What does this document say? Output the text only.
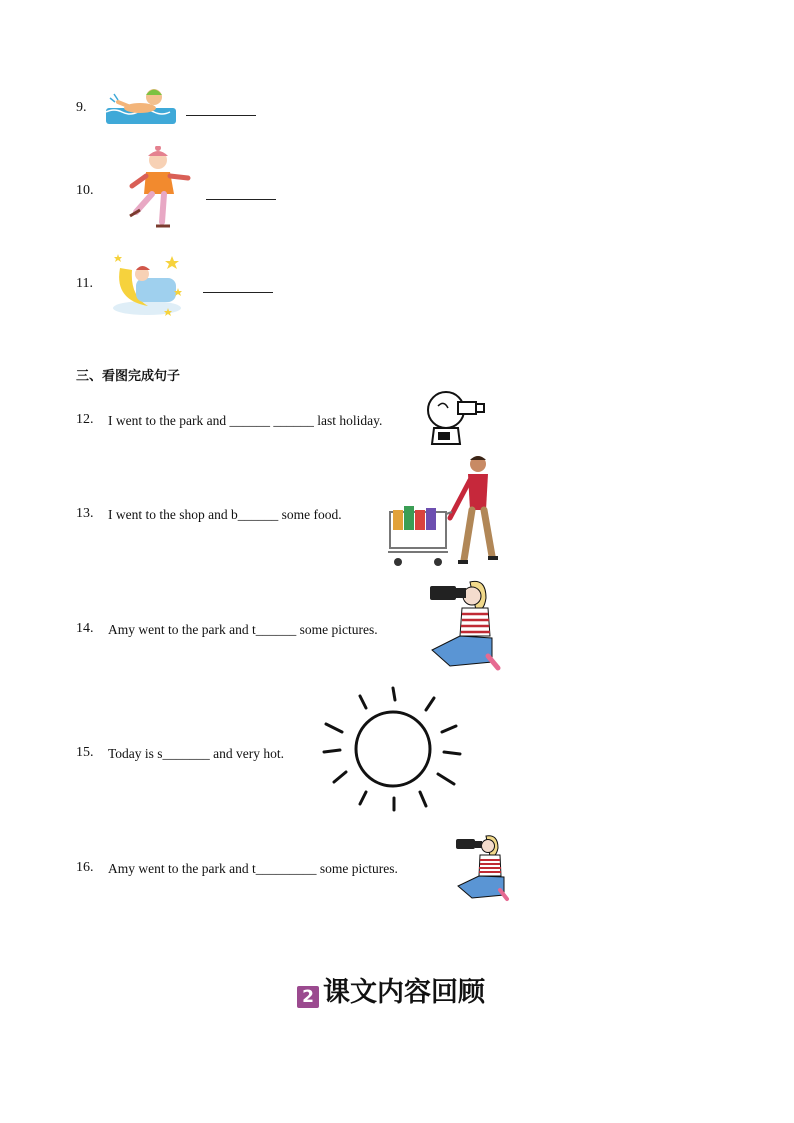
9.
10.
11.
三、看图完成句子
12. I went to the park and ______ ______ last holiday.
13. I went to the shop and b______ some food.
14. Amy went to the park and t______ some pictures.
15. Today is s_______ and very hot.
16. Amy went to the park and t_________ some pictures.
2 课文内容回顾
